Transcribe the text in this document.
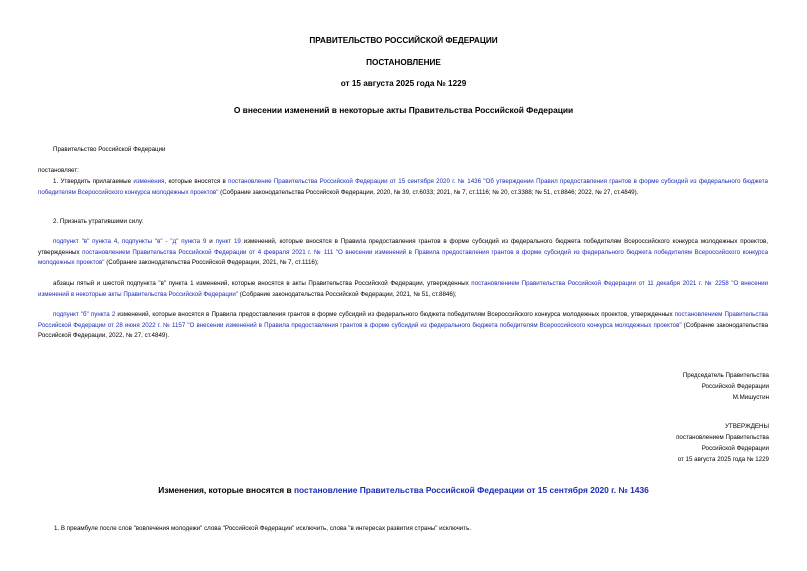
ПРАВИТЕЛЬСТВО РОССИЙСКОЙ ФЕДЕРАЦИИ
ПОСТАНОВЛЕНИЕ
от 15 августа 2025 года № 1229
О внесении изменений в некоторые акты Правительства Российской Федерации
Правительство Российской Федерации
постановляет:
1. Утвердить прилагаемые изменения, которые вносятся в постановление Правительства Российской Федерации от 15 сентября 2020 г. № 1436 "Об утверждении Правил предоставления грантов в форме субсидий из федерального бюджета победителям Всероссийского конкурса молодежных проектов" (Собрание законодательства Российской Федерации, 2020, № 39, ст.6033; 2021, № 7, ст.1116; № 20, ст.3388; № 51, ст.8846; 2022, № 27, ст.4849).
2. Признать утратившими силу:
подпункт "в" пункта 4, подпункты "в" - "д" пункта 9 и пункт 19 изменений, которые вносятся в Правила предоставления грантов в форме субсидий из федерального бюджета победителям Всероссийского конкурса молодежных проектов, утвержденных постановлением Правительства Российской Федерации от 4 февраля 2021 г. № 111 "О внесении изменений в Правила предоставления грантов в форме субсидий из федерального бюджета победителям Всероссийского конкурса молодежных проектов" (Собрание законодательства Российской Федерации, 2021, № 7, ст.1116);
абзацы пятый и шестой подпункта "в" пункта 1 изменений, которые вносятся в акты Правительства Российской Федерации, утвержденных постановлением Правительства Российской Федерации от 11 декабря 2021 г. № 2258 "О внесении изменений в некоторые акты Правительства Российской Федерации" (Собрание законодательства Российской Федерации, 2021, № 51, ст.8846);
подпункт "б" пункта 2 изменений, которые вносятся в Правила предоставления грантов в форме субсидий из федерального бюджета победителям Всероссийского конкурса молодежных проектов, утвержденных постановлением Правительства Российской Федерации от 28 июня 2022 г. № 1157 "О внесении изменений в Правила предоставления грантов в форме субсидий из федерального бюджета победителям Всероссийского конкурса молодежных проектов" (Собрание законодательства Российской Федерации, 2022, № 27, ст.4849).
Председатель Правительства
Российской Федерации
М.Мишустин
УТВЕРЖДЕНЫ
постановлением Правительства
Российской Федерации
от 15 августа 2025 года № 1229
Изменения, которые вносятся в постановление Правительства Российской Федерации от 15 сентября 2020 г. № 1436
1. В преамбуле после слов "вовлечения молодежи" слова "Российской Федерации" исключить, слова "в интересах развития страны" исключить.
